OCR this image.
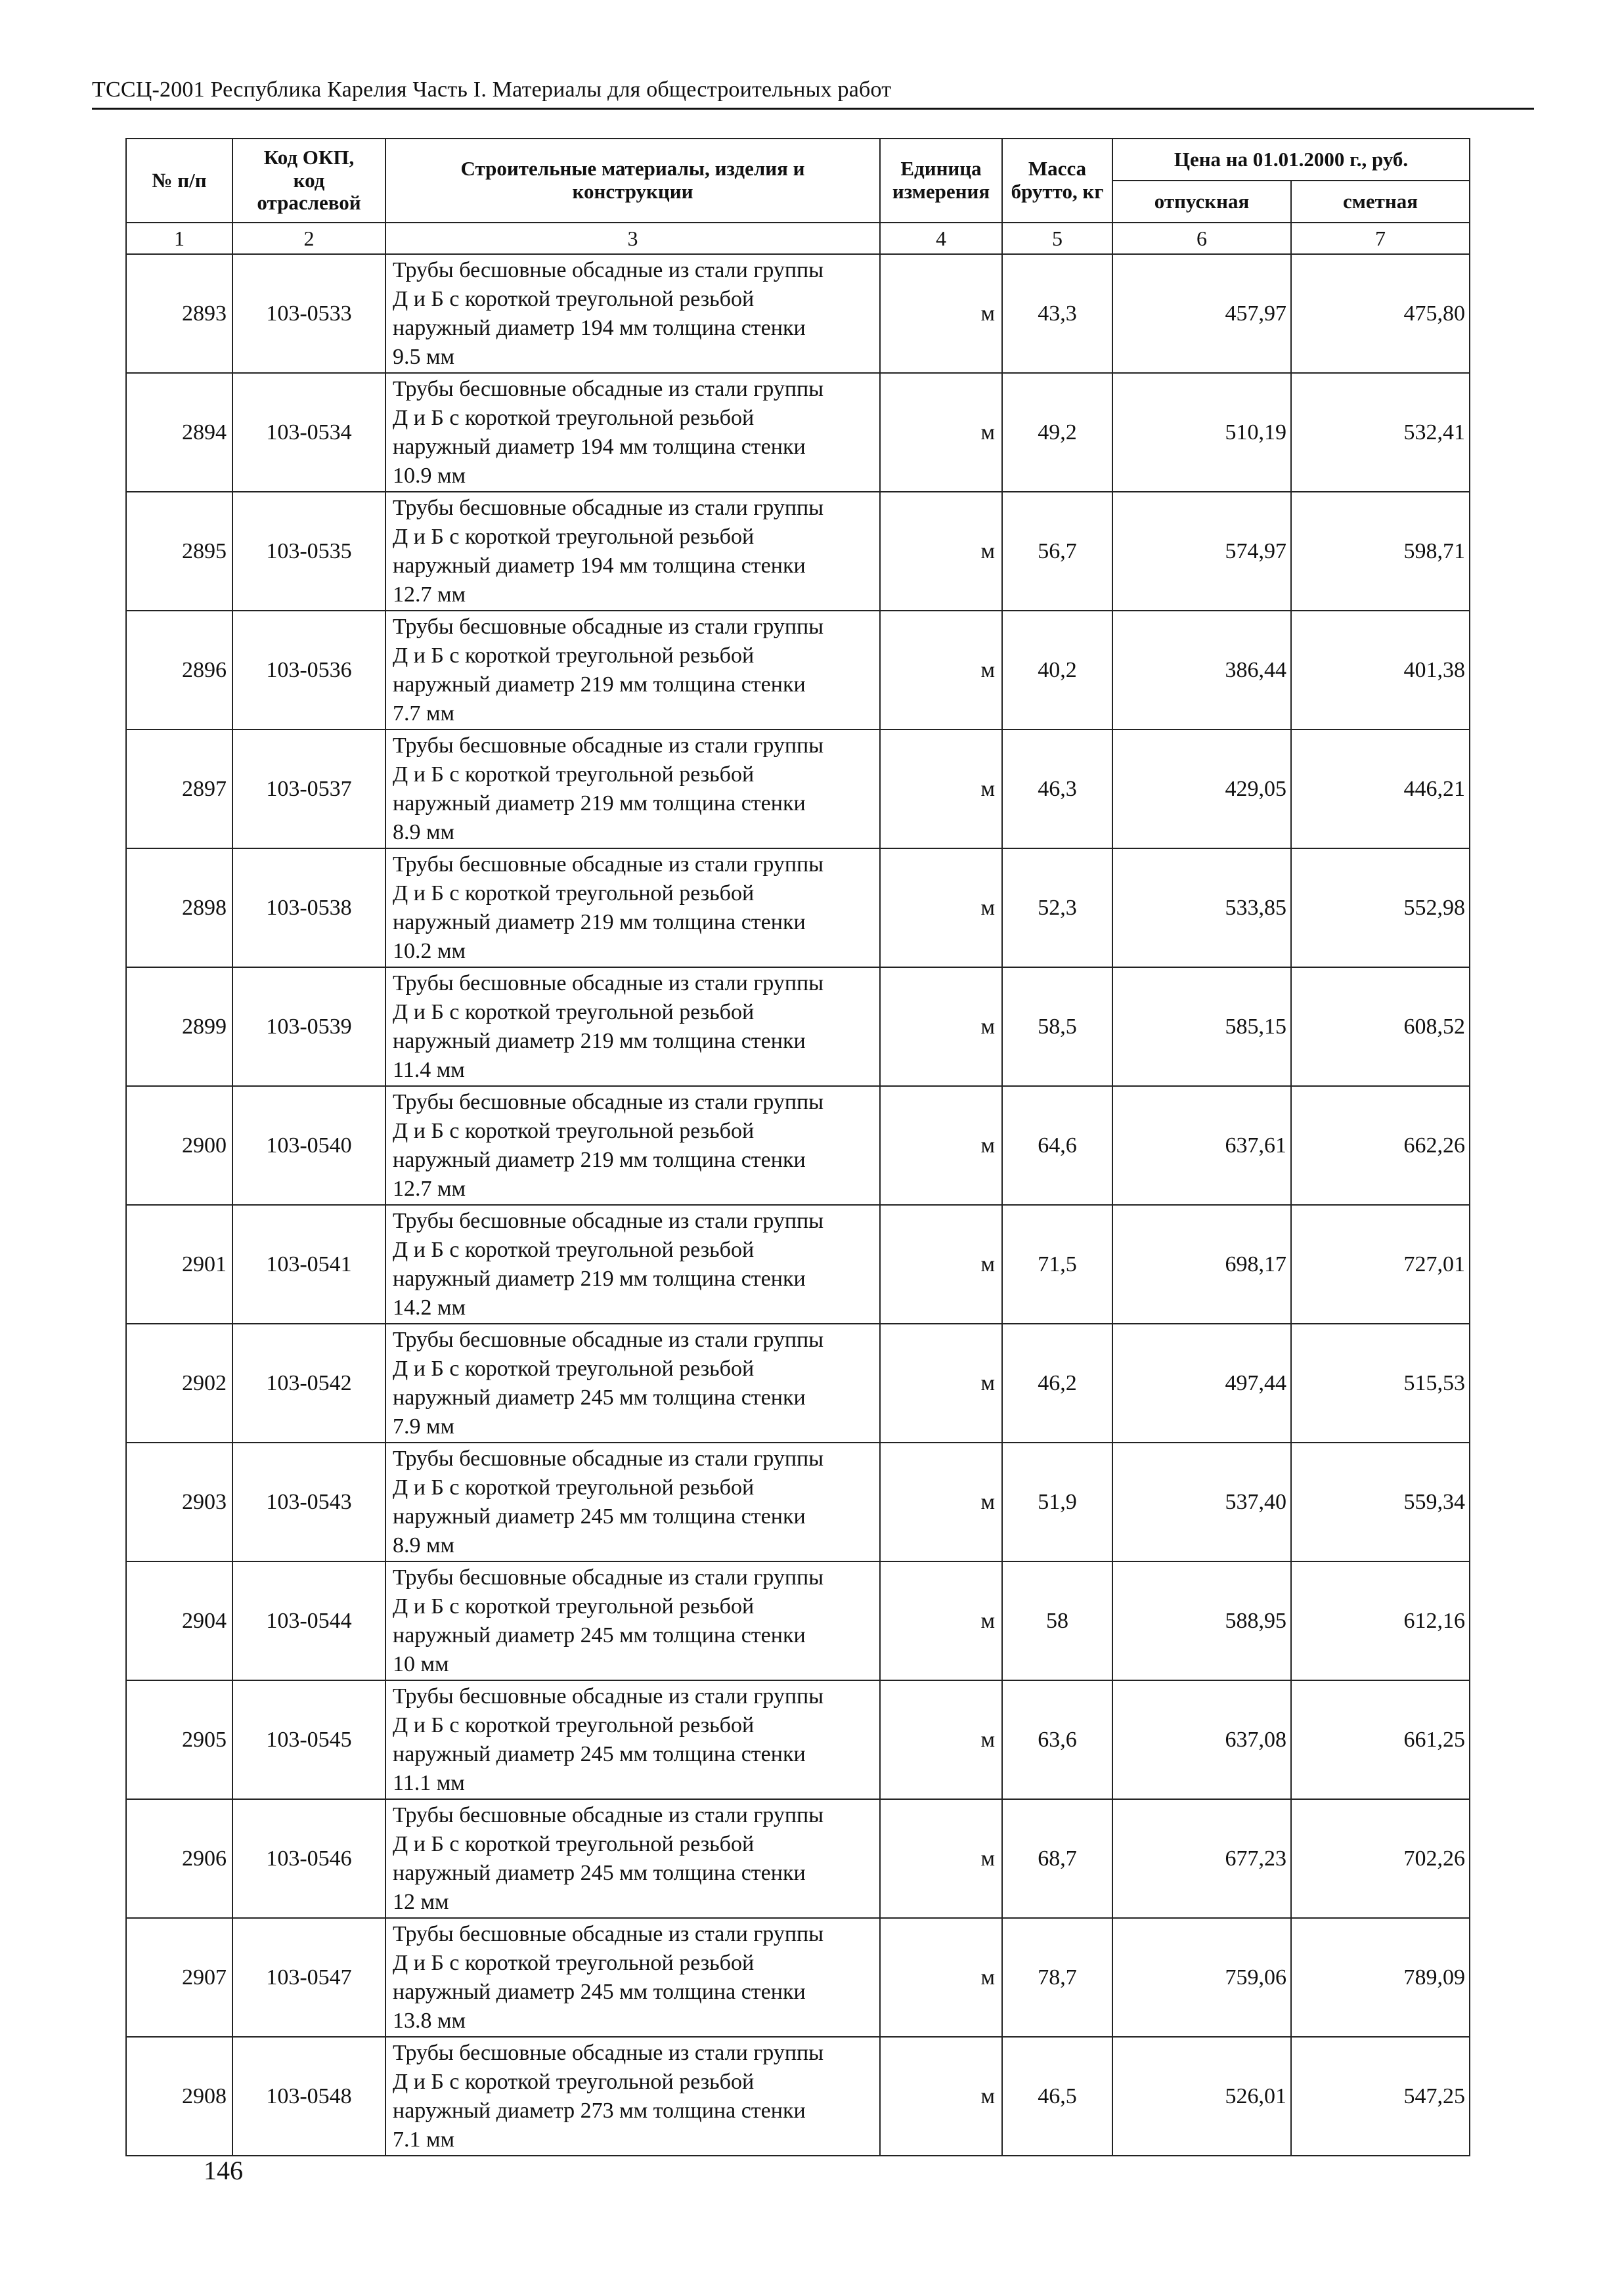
ТССЦ-2001 Республика Карелия Часть I. Материалы для общестроительных работ
№ п/п	Код ОКП,
код
отраслевой	Строительные материалы, изделия и
конструкции	Единица
измерения	Масса
брутто, кг	Цена на 01.01.2000 г., руб.	
					отпускная	сметная
1	2	3	4	5	6	7
2893	103-0533	Трубы бесшовные обсадные из стали группы
Д и Б с короткой треугольной резьбой
наружный диаметр 194 мм толщина стенки
9.5 мм	м	43,3	457,97	475,80
2894	103-0534	Трубы бесшовные обсадные из стали группы
Д и Б с короткой треугольной резьбой
наружный диаметр 194 мм толщина стенки
10.9 мм	м	49,2	510,19	532,41
2895	103-0535	Трубы бесшовные обсадные из стали группы
Д и Б с короткой треугольной резьбой
наружный диаметр 194 мм толщина стенки
12.7 мм	м	56,7	574,97	598,71
2896	103-0536	Трубы бесшовные обсадные из стали группы
Д и Б с короткой треугольной резьбой
наружный диаметр 219 мм толщина стенки
7.7 мм	м	40,2	386,44	401,38
2897	103-0537	Трубы бесшовные обсадные из стали группы
Д и Б с короткой треугольной резьбой
наружный диаметр 219 мм толщина стенки
8.9 мм	м	46,3	429,05	446,21
2898	103-0538	Трубы бесшовные обсадные из стали группы
Д и Б с короткой треугольной резьбой
наружный диаметр 219 мм толщина стенки
10.2 мм	м	52,3	533,85	552,98
2899	103-0539	Трубы бесшовные обсадные из стали группы
Д и Б с короткой треугольной резьбой
наружный диаметр 219 мм толщина стенки
11.4 мм	м	58,5	585,15	608,52
2900	103-0540	Трубы бесшовные обсадные из стали группы
Д и Б с короткой треугольной резьбой
наружный диаметр 219 мм толщина стенки
12.7 мм	м	64,6	637,61	662,26
2901	103-0541	Трубы бесшовные обсадные из стали группы
Д и Б с короткой треугольной резьбой
наружный диаметр 219 мм толщина стенки
14.2 мм	м	71,5	698,17	727,01
2902	103-0542	Трубы бесшовные обсадные из стали группы
Д и Б с короткой треугольной резьбой
наружный диаметр 245 мм толщина стенки
7.9 мм	м	46,2	497,44	515,53
2903	103-0543	Трубы бесшовные обсадные из стали группы
Д и Б с короткой треугольной резьбой
наружный диаметр 245 мм толщина стенки
8.9 мм	м	51,9	537,40	559,34
2904	103-0544	Трубы бесшовные обсадные из стали группы
Д и Б с короткой треугольной резьбой
наружный диаметр 245 мм толщина стенки
10 мм	м	58	588,95	612,16
2905	103-0545	Трубы бесшовные обсадные из стали группы
Д и Б с короткой треугольной резьбой
наружный диаметр 245 мм толщина стенки
11.1 мм	м	63,6	637,08	661,25
2906	103-0546	Трубы бесшовные обсадные из стали группы
Д и Б с короткой треугольной резьбой
наружный диаметр 245 мм толщина стенки
12 мм	м	68,7	677,23	702,26
2907	103-0547	Трубы бесшовные обсадные из стали группы
Д и Б с короткой треугольной резьбой
наружный диаметр 245 мм толщина стенки
13.8 мм	м	78,7	759,06	789,09
2908	103-0548	Трубы бесшовные обсадные из стали группы
Д и Б с короткой треугольной резьбой
наружный диаметр 273 мм толщина стенки
7.1 мм	м	46,5	526,01	547,25
146
